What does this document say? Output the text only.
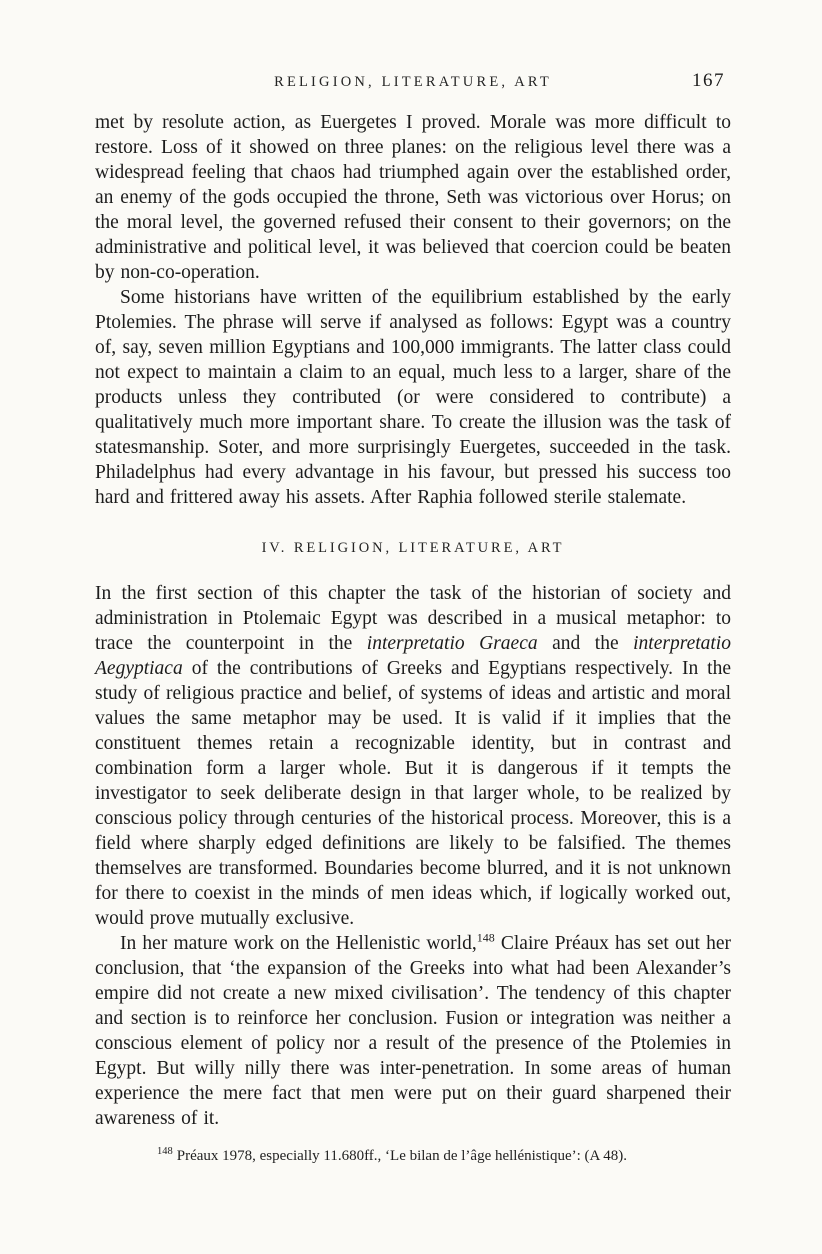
RELIGION, LITERATURE, ART	167

met by resolute action, as Euergetes I proved. Morale was more difficult to restore. Loss of it showed on three planes: on the religious level there was a widespread feeling that chaos had triumphed again over the established order, an enemy of the gods occupied the throne, Seth was victorious over Horus; on the moral level, the governed refused their consent to their governors; on the administrative and political level, it was believed that coercion could be beaten by non-co-operation.

Some historians have written of the equilibrium established by the early Ptolemies. The phrase will serve if analysed as follows: Egypt was a country of, say, seven million Egyptians and 100,000 immigrants. The latter class could not expect to maintain a claim to an equal, much less to a larger, share of the products unless they contributed (or were considered to contribute) a qualitatively much more important share. To create the illusion was the task of statesmanship. Soter, and more surprisingly Euergetes, succeeded in the task. Philadelphus had every advantage in his favour, but pressed his success too hard and frittered away his assets. After Raphia followed sterile stalemate.

IV. RELIGION, LITERATURE, ART

In the first section of this chapter the task of the historian of society and administration in Ptolemaic Egypt was described in a musical metaphor: to trace the counterpoint in the interpretatio Graeca and the interpretatio Aegyptiaca of the contributions of Greeks and Egyptians respectively. In the study of religious practice and belief, of systems of ideas and artistic and moral values the same metaphor may be used. It is valid if it implies that the constituent themes retain a recognizable identity, but in contrast and combination form a larger whole. But it is dangerous if it tempts the investigator to seek deliberate design in that larger whole, to be realized by conscious policy through centuries of the historical process. Moreover, this is a field where sharply edged definitions are likely to be falsified. The themes themselves are transformed. Boundaries become blurred, and it is not unknown for there to coexist in the minds of men ideas which, if logically worked out, would prove mutually exclusive.

In her mature work on the Hellenistic world,$^{148}$ Claire Préaux has set out her conclusion, that ‘the expansion of the Greeks into what had been Alexander’s empire did not create a new mixed civilisation’. The tendency of this chapter and section is to reinforce her conclusion. Fusion or integration was neither a conscious element of policy nor a result of the presence of the Ptolemies in Egypt. But willy nilly there was inter-penetration. In some areas of human experience the mere fact that men were put on their guard sharpened their awareness of it.

$^{148}$ Préaux 1978, especially 11.680ff., ‘Le bilan de l’âge hellénistique’: (A 48).
